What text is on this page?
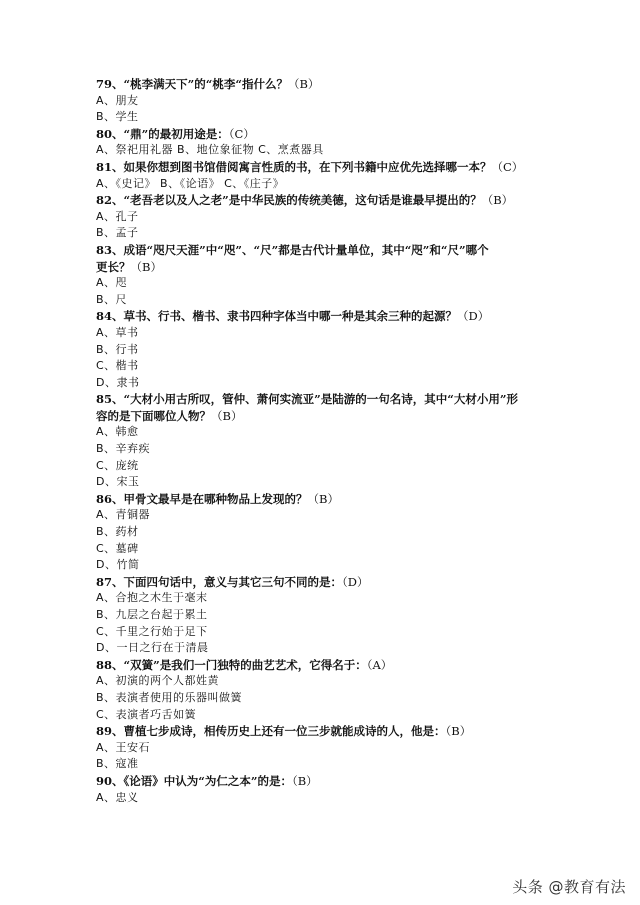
79、“桃李满天下”的“桃李“指什么？（B）
A、朋友
B、学生
80、“鼎”的最初用途是：（C）
A、祭祀用礼器 B、地位象征物 C、烹煮器具
81、如果你想到图书馆借阅寓言性质的书，在下列书籍中应优先选择哪一本？（C）
A、《史记》 B、《论语》 C、《庄子》
82、“老吾老以及人之老”是中华民族的传统美德，这句话是谁最早提出的？（B）
A、孔子
B、孟子
83、成语“咫尺天涯”中“咫”、“尺”都是古代计量单位，其中“咫”和“尺”哪个
更长？（B）
A、咫
B、尺
84、草书、行书、楷书、隶书四种字体当中哪一种是其余三种的起源？（D）
A、草书
B、行书
C、楷书
D、隶书
85、“大材小用古所叹，管仲、萧何实流亚”是陆游的一句名诗，其中“大材小用”形
容的是下面哪位人物？（B）
A、韩愈
B、辛弃疾
C、庞统
D、宋玉
86、甲骨文最早是在哪种物品上发现的？（B）
A、青铜器
B、药材
C、墓碑
D、竹简
87、下面四句话中，意义与其它三句不同的是：（D）
A、合抱之木生于毫末
B、九层之台起于累土
C、千里之行始于足下
D、一日之行在于清晨
88、“双簧”是我们一门独特的曲艺艺术，它得名于：（A）
A、初演的两个人都姓黄
B、表演者使用的乐器叫做簧
C、表演者巧舌如簧
89、曹植七步成诗，相传历史上还有一位三步就能成诗的人，他是：（B）
A、王安石
B、寇准
90、《论语》中认为“为仁之本”的是：（B）
A、忠义
头条 @教育有法
